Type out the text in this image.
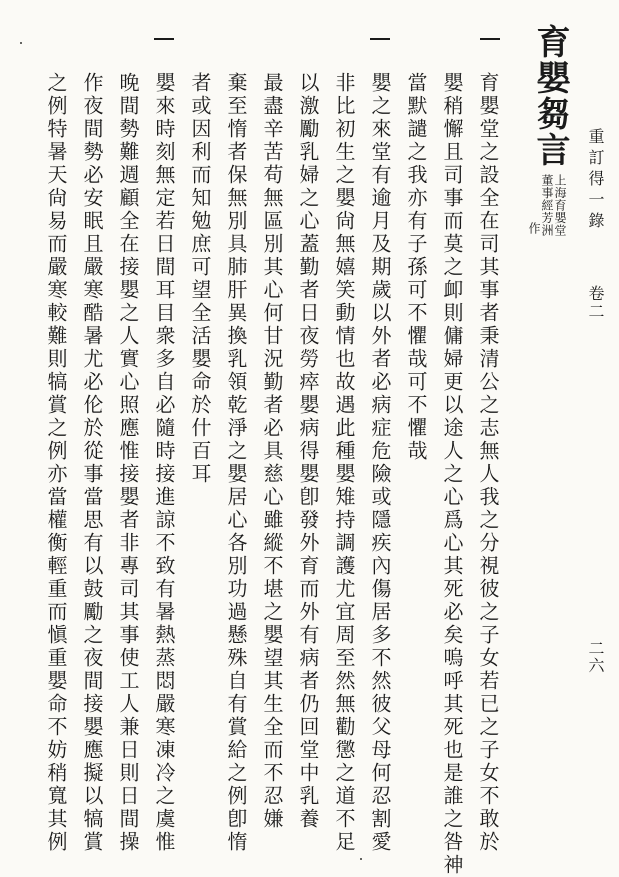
重訂得一錄
卷二
二六
育嬰芻言
上海育嬰堂
董事經芳洲
作
育嬰堂之設全在司其事者秉清公之志無人我之分視彼之子女若已之子女不敢於
嬰稍懈且司事而莫之卹則傭婦更以途人之心爲心其死必矣嗚呼其死也是誰之咎神
當默譴之我亦有子孫可不懼哉可不懼哉
嬰之來堂有逾月及期歲以外者必病症危險或隱疾內傷居多不然彼父母何忍割愛
非比初生之嬰尙無嬉笑動情也故遇此種嬰雉持調護尤宜周至然無勸懲之道不足
以激勵乳婦之心蓋勤者日夜勞瘁嬰病得嬰卽發外育而外有病者仍回堂中乳養
最盡辛苦苟無區別其心何甘況勤者必具慈心雖縱不堪之嬰望其生全而不忍嫌
棄至惰者保無別具肺肝異換乳領乾淨之嬰居心各別功過懸殊自有賞給之例卽惰
者或因利而知勉庶可望全活嬰命於什百耳
嬰來時刻無定若日間耳目衆多自必隨時接進諒不致有暑熱蒸悶嚴寒凍冷之虞惟
晚間勢難週顧全在接嬰之人實心照應惟接嬰者非專司其事使工人兼日則日間操
作夜間勢必安眠且嚴寒酷暑尤必伦於從事當思有以鼓勵之夜間接嬰應擬以犒賞
之例特暑天尙易而嚴寒較難則犒賞之例亦當權衡輕重而愼重嬰命不妨稍寬其例
